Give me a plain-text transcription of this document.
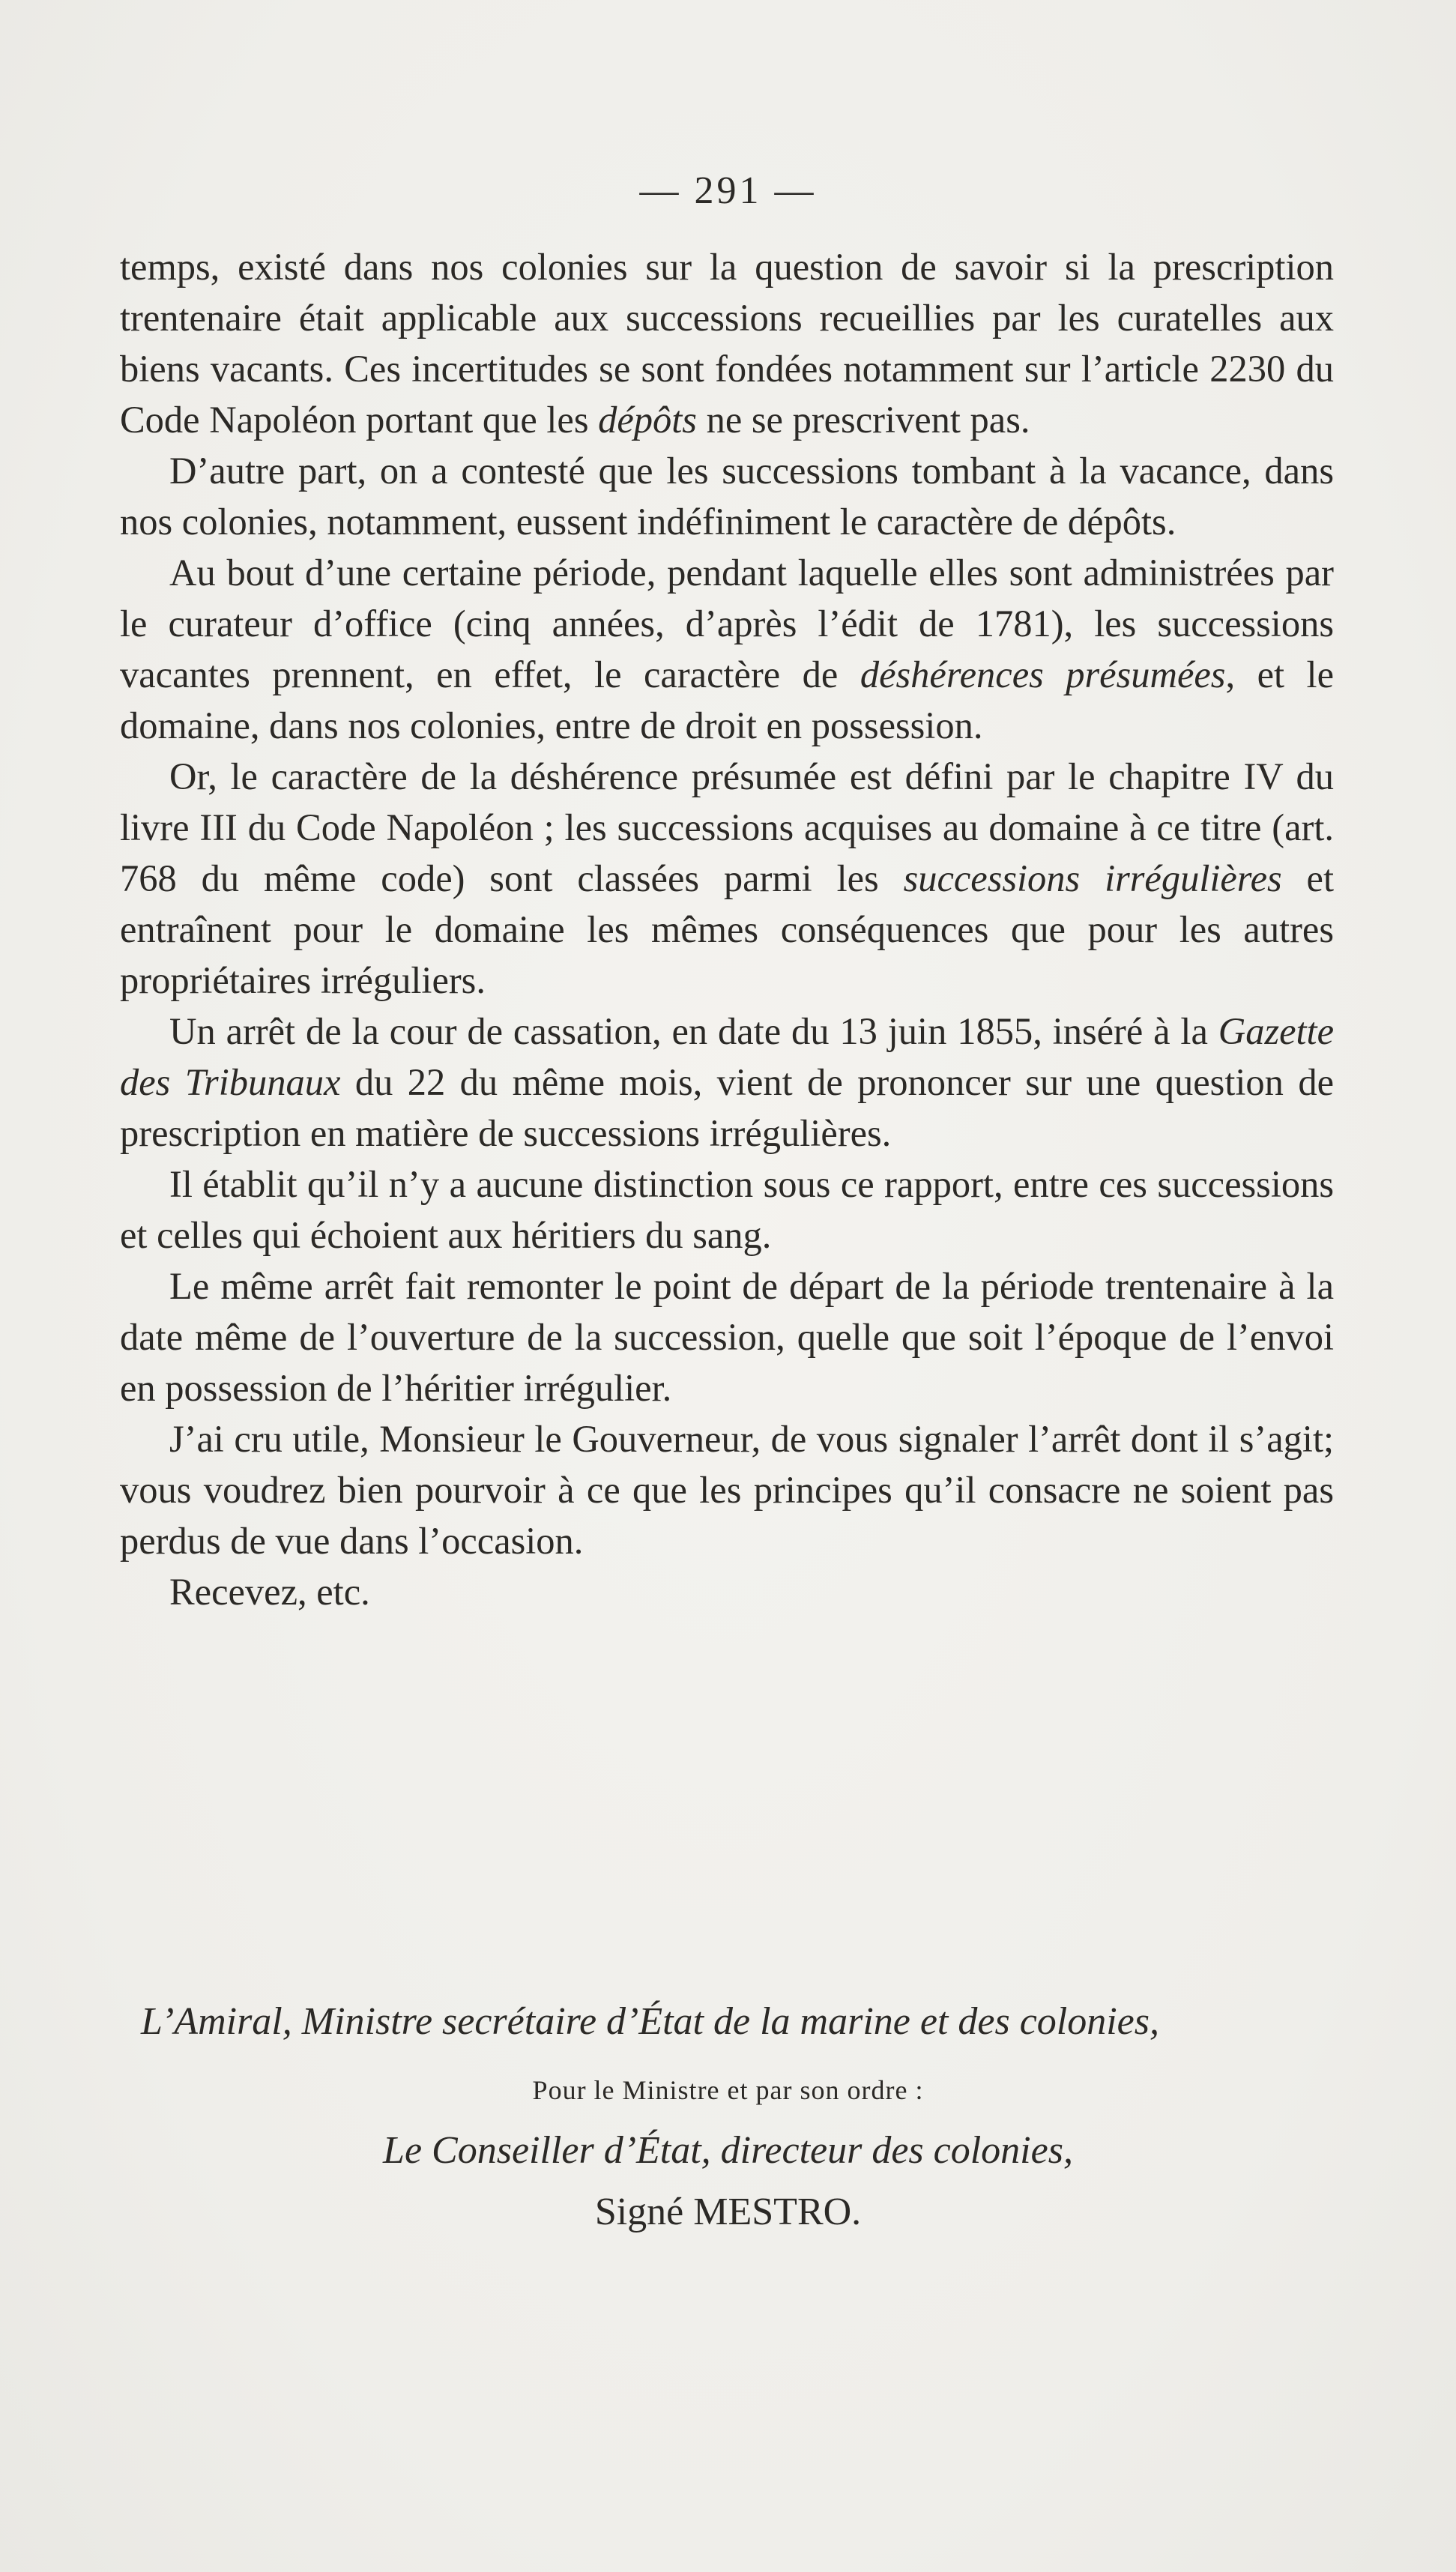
— 291 —

temps, existé dans nos colonies sur la question de savoir si la prescription trentenaire était applicable aux successions recueillies par les curatelles aux biens vacants. Ces incertitudes se sont fondées notamment sur l’article 2230 du Code Napoléon portant que les dépôts ne se prescrivent pas.

D’autre part, on a contesté que les successions tombant à la vacance, dans nos colonies, notamment, eussent indéfiniment le caractère de dépôts.

Au bout d’une certaine période, pendant laquelle elles sont administrées par le curateur d’office (cinq années, d’après l’édit de 1781), les successions vacantes prennent, en effet, le caractère de déshérences présumées, et le domaine, dans nos colonies, entre de droit en possession.

Or, le caractère de la déshérence présumée est défini par le chapitre IV du livre III du Code Napoléon ; les successions acquises au domaine à ce titre (art. 768 du même code) sont classées parmi les successions irrégulières et entraînent pour le domaine les mêmes conséquences que pour les autres propriétaires irréguliers.

Un arrêt de la cour de cassation, en date du 13 juin 1855, inséré à la Gazette des Tribunaux du 22 du même mois, vient de prononcer sur une question de prescription en matière de successions irrégulières.

Il établit qu’il n’y a aucune distinction sous ce rapport, entre ces successions et celles qui échoient aux héritiers du sang.

Le même arrêt fait remonter le point de départ de la période trentenaire à la date même de l’ouverture de la succession, quelle que soit l’époque de l’envoi en possession de l’héritier irrégulier.

J’ai cru utile, Monsieur le Gouverneur, de vous signaler l’arrêt dont il s’agit; vous voudrez bien pourvoir à ce que les principes qu’il consacre ne soient pas perdus de vue dans l’occasion.

Recevez, etc.

L’Amiral, Ministre secrétaire d’État de la marine et des colonies,
Pour le Ministre et par son ordre :
Le Conseiller d’État, directeur des colonies,
Signé MESTRO.
